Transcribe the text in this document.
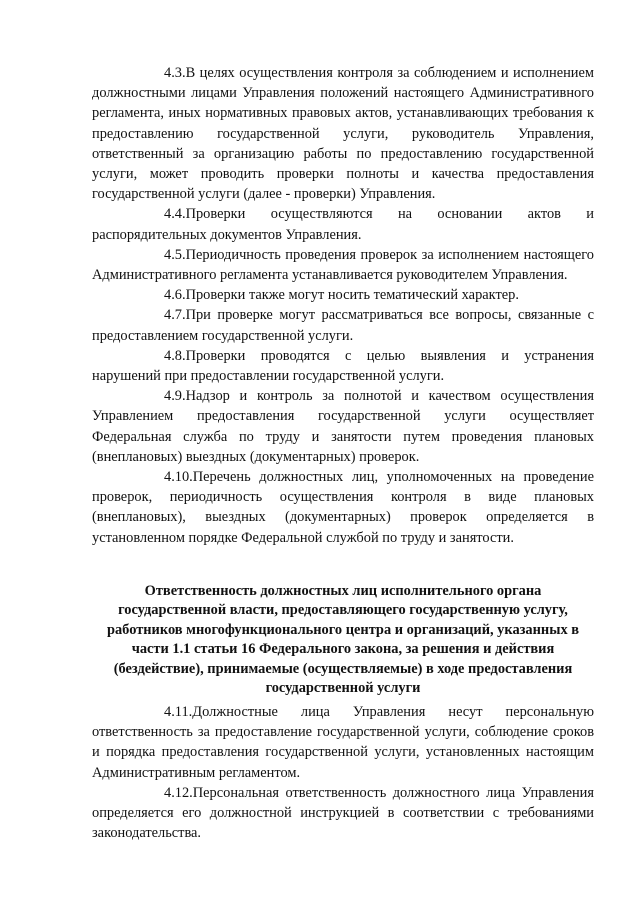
4.3.В целях осуществления контроля за соблюдением и исполнением должностными лицами Управления положений настоящего Административного регламента, иных нормативных правовых актов, устанавливающих требования к предоставлению государственной услуги, руководитель Управления, ответственный за организацию работы по предоставлению государственной услуги, может проводить проверки полноты и качества предоставления государственной услуги (далее - проверки) Управления.

4.4.Проверки осуществляются на основании актов и распорядительных документов Управления.

4.5.Периодичность проведения проверок за исполнением настоящего Административного регламента устанавливается руководителем Управления.

4.6.Проверки также могут носить тематический характер.

4.7.При проверке могут рассматриваться все вопросы, связанные с предоставлением государственной услуги.

4.8.Проверки проводятся с целью выявления и устранения нарушений при предоставлении государственной услуги.

4.9.Надзор и контроль за полнотой и качеством осуществления Управлением предоставления государственной услуги осуществляет Федеральная служба по труду и занятости путем проведения плановых (внеплановых) выездных (документарных) проверок.

4.10.Перечень должностных лиц, уполномоченных на проведение проверок, периодичность осуществления контроля в виде плановых (внеплановых), выездных (документарных) проверок определяется в установленном порядке Федеральной службой по труду и занятости.

Ответственность должностных лиц исполнительного органа государственной власти, предоставляющего государственную услугу, работников многофункционального центра и организаций, указанных в части 1.1 статьи 16 Федерального закона, за решения и действия (бездействие), принимаемые (осуществляемые) в ходе предоставления государственной услуги

4.11.Должностные лица Управления несут персональную ответственность за предоставление государственной услуги, соблюдение сроков и порядка предоставления государственной услуги, установленных настоящим Административным регламентом.

4.12.Персональная ответственность должностного лица Управления определяется его должностной инструкцией в соответствии с требованиями законодательства.
